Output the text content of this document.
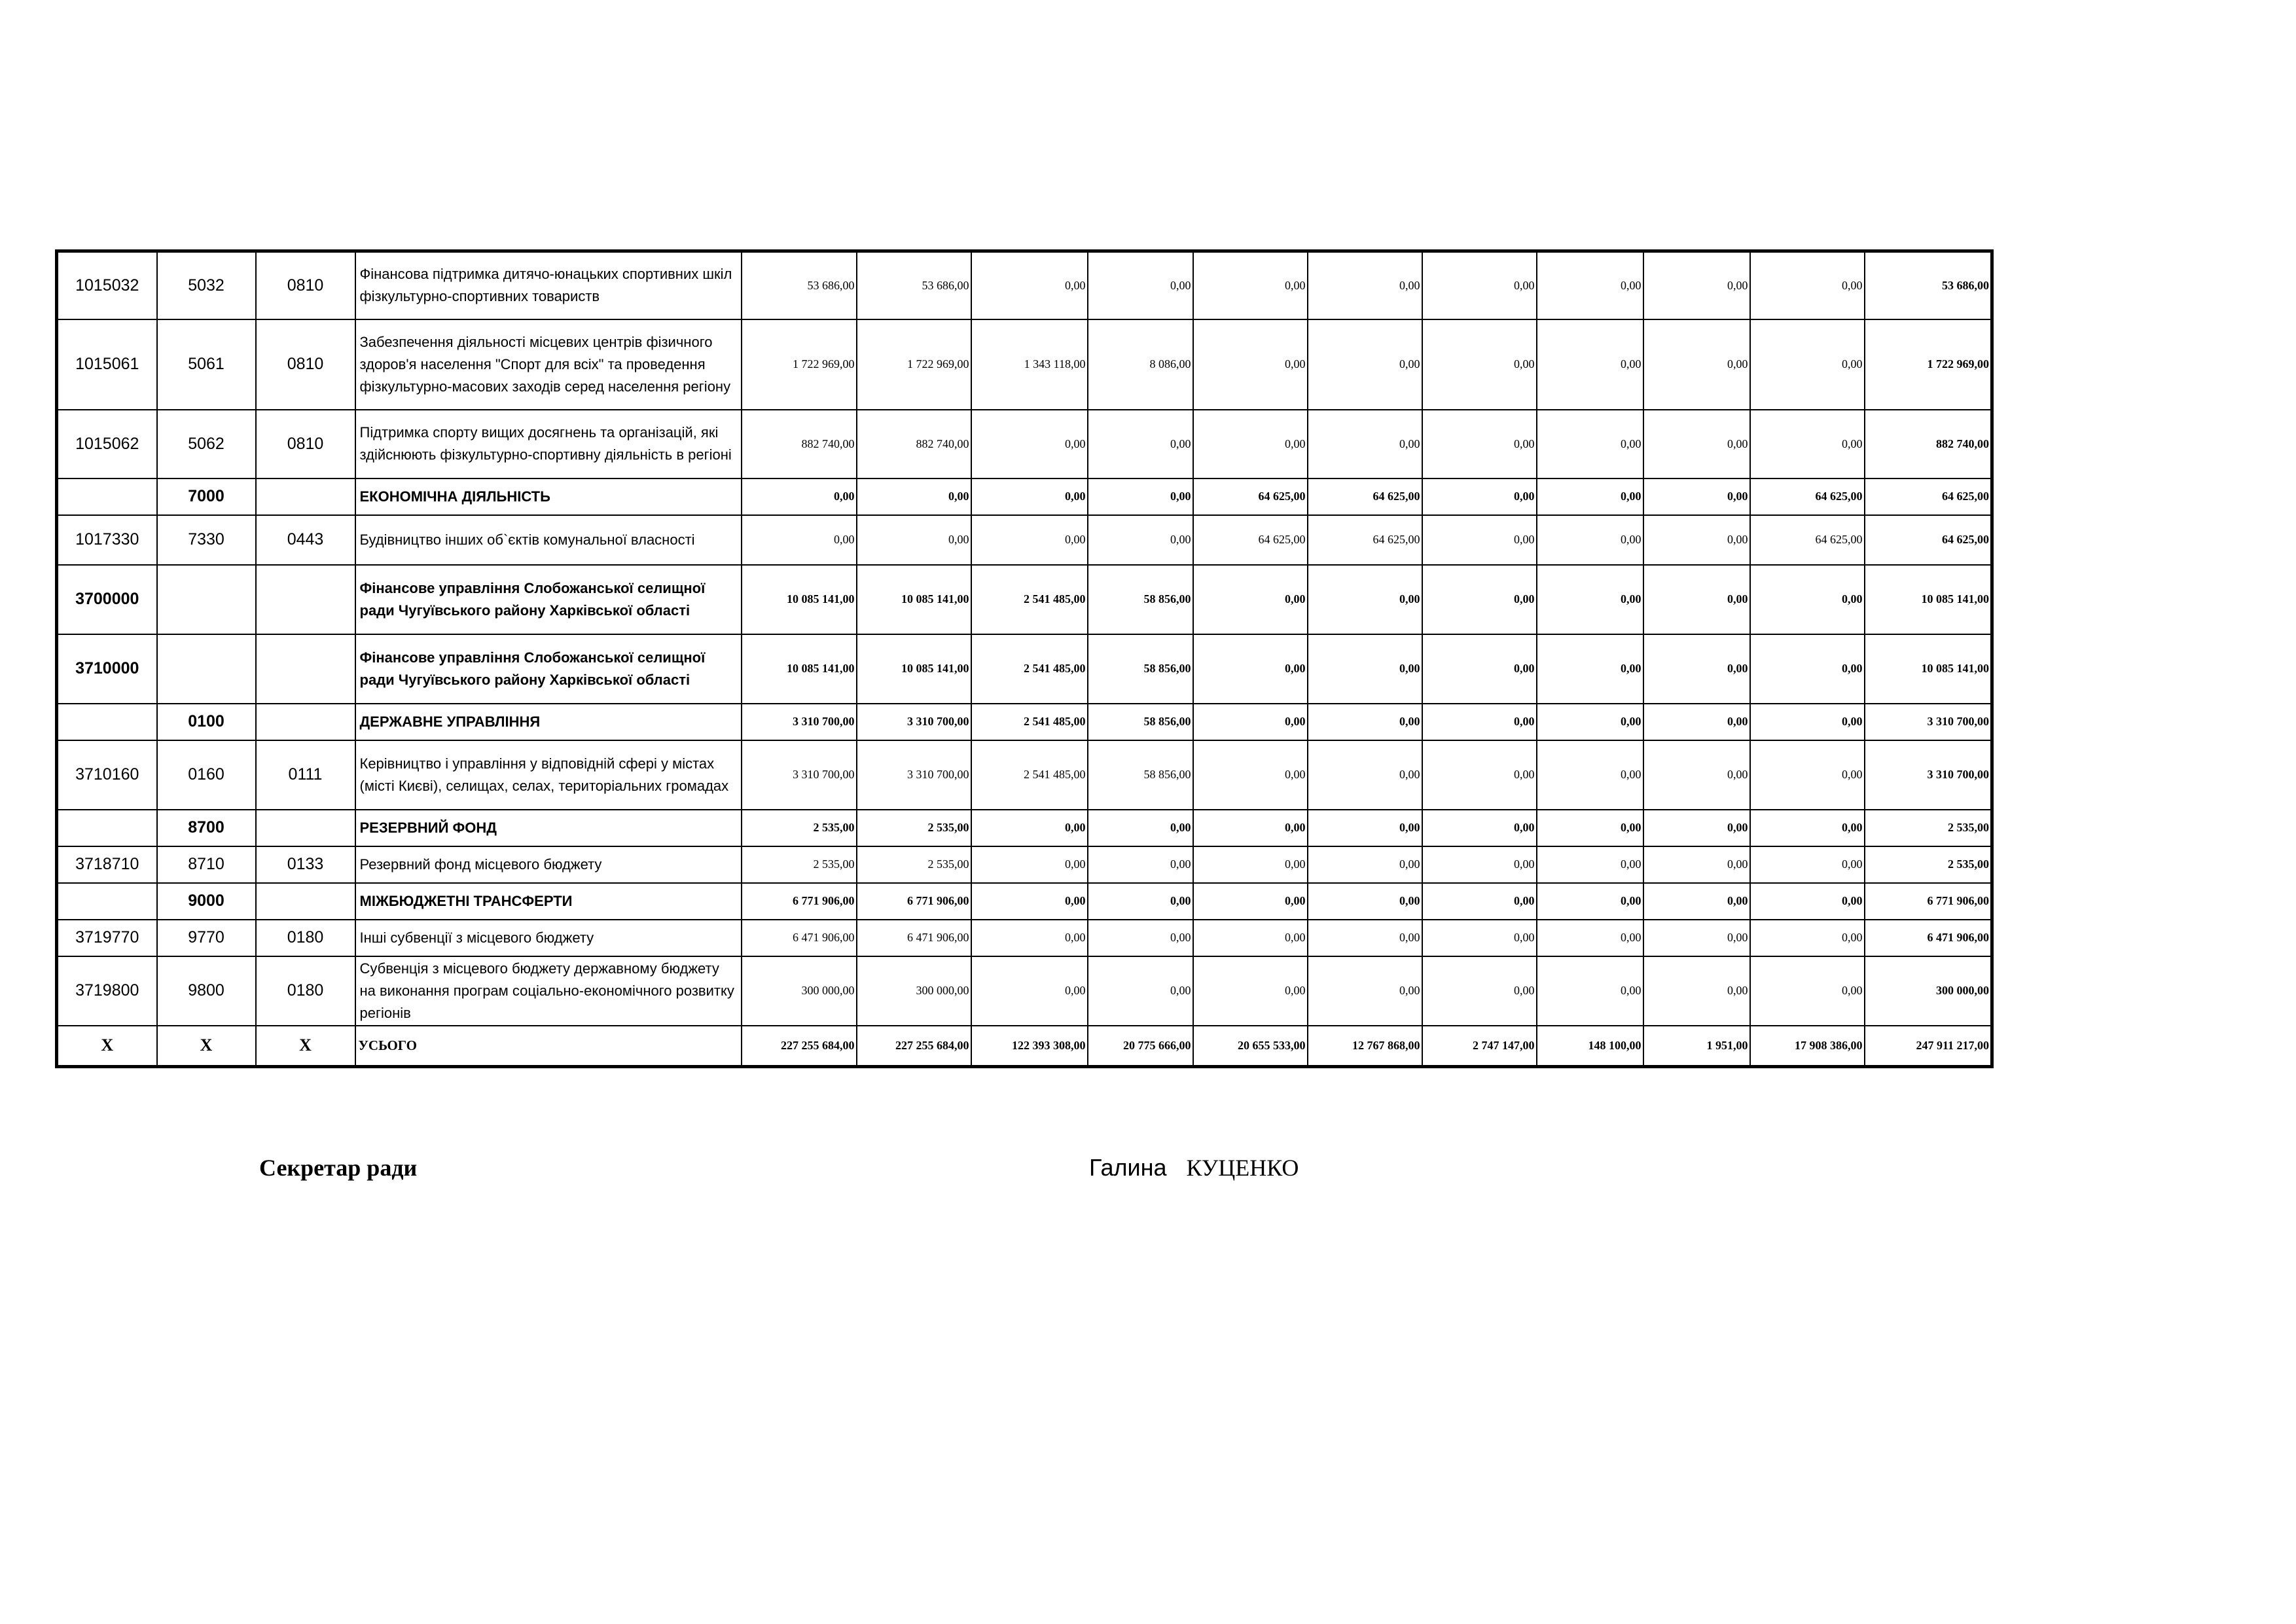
1015032	5032	0810	Фінансова підтримка дитячо-юнацьких спортивних шкіл фізкультурно-спортивних товариств	53 686,00	53 686,00	0,00	0,00	0,00	0,00	0,00	0,00	0,00	0,00	53 686,00
1015061	5061	0810	Забезпечення діяльності місцевих центрів фізичного здоров'я населення "Спорт для всіх" та проведення фізкультурно-масових заходів серед населення регіону	1 722 969,00	1 722 969,00	1 343 118,00	8 086,00	0,00	0,00	0,00	0,00	0,00	0,00	1 722 969,00
1015062	5062	0810	Підтримка спорту вищих досягнень та організацій, які здійснюють фізкультурно-спортивну діяльність в регіоні	882 740,00	882 740,00	0,00	0,00	0,00	0,00	0,00	0,00	0,00	0,00	882 740,00
	7000		ЕКОНОМІЧНА ДІЯЛЬНІСТЬ	0,00	0,00	0,00	0,00	64 625,00	64 625,00	0,00	0,00	0,00	64 625,00	64 625,00
1017330	7330	0443	Будівництво інших об`єктів комунальної власності	0,00	0,00	0,00	0,00	64 625,00	64 625,00	0,00	0,00	0,00	64 625,00	64 625,00
3700000			Фінансове управління Слобожанської селищної ради Чугуївського району Харківської області	10 085 141,00	10 085 141,00	2 541 485,00	58 856,00	0,00	0,00	0,00	0,00	0,00	0,00	10 085 141,00
3710000			Фінансове управління Слобожанської селищної ради Чугуївського району Харківської області	10 085 141,00	10 085 141,00	2 541 485,00	58 856,00	0,00	0,00	0,00	0,00	0,00	0,00	10 085 141,00
	0100		ДЕРЖАВНЕ УПРАВЛІННЯ	3 310 700,00	3 310 700,00	2 541 485,00	58 856,00	0,00	0,00	0,00	0,00	0,00	0,00	3 310 700,00
3710160	0160	0111	Керівництво і управління у відповідній сфері у містах (місті Києві), селищах, селах, територіальних громадах	3 310 700,00	3 310 700,00	2 541 485,00	58 856,00	0,00	0,00	0,00	0,00	0,00	0,00	3 310 700,00
	8700		РЕЗЕРВНИЙ ФОНД	2 535,00	2 535,00	0,00	0,00	0,00	0,00	0,00	0,00	0,00	0,00	2 535,00
3718710	8710	0133	Резервний фонд місцевого бюджету	2 535,00	2 535,00	0,00	0,00	0,00	0,00	0,00	0,00	0,00	0,00	2 535,00
	9000		МІЖБЮДЖЕТНІ ТРАНСФЕРТИ	6 771 906,00	6 771 906,00	0,00	0,00	0,00	0,00	0,00	0,00	0,00	0,00	6 771 906,00
3719770	9770	0180	Інші субвенції з місцевого бюджету	6 471 906,00	6 471 906,00	0,00	0,00	0,00	0,00	0,00	0,00	0,00	0,00	6 471 906,00
3719800	9800	0180	Субвенція з місцевого бюджету державному бюджету на виконання програм соціально-економічного розвитку регіонів	300 000,00	300 000,00	0,00	0,00	0,00	0,00	0,00	0,00	0,00	0,00	300 000,00
X	X	X	УСЬОГО	227 255 684,00	227 255 684,00	122 393 308,00	20 775 666,00	20 655 533,00	12 767 868,00	2 747 147,00	148 100,00	1 951,00	17 908 386,00	247 911 217,00
Секретар ради	Галина КУЦЕНКО
